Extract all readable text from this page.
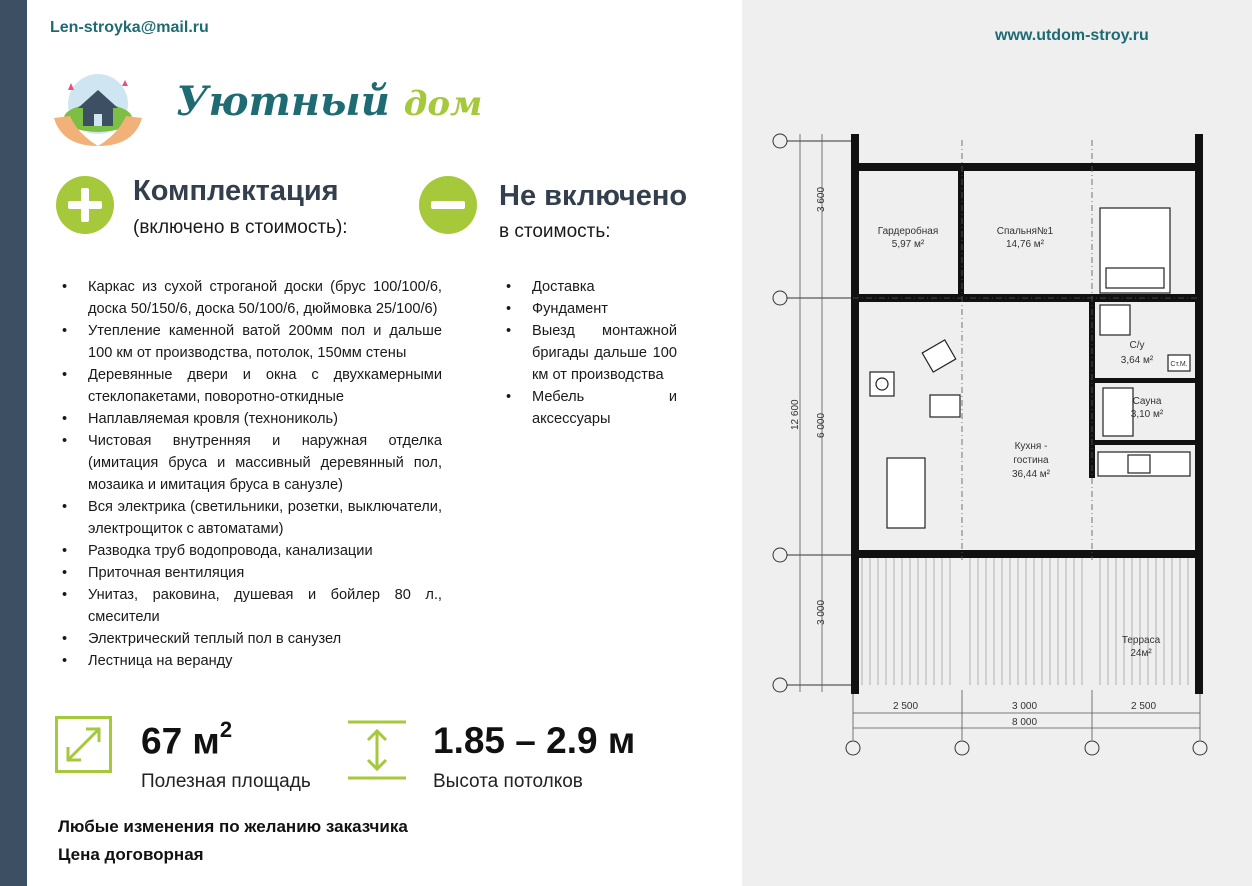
Len-stroyka@mail.ru	www.utdom-stroy.ru
Уютный дом
Комплектация
(включено в стоимость):
Не включено
в стоимость:
• Каркас из сухой строганой доски (брус 100/100/6, доска 50/150/6, доска 50/100/6, дюймовка 25/100/6)
• Утепление каменной ватой 200мм пол и дальше 100 км от производства, потолок, 150мм стены
• Деревянные двери и окна с двухкамерными стеклопакетами, поворотно-откидные
• Наплавляемая кровля (технониколь)
• Чистовая внутренняя и наружная отделка (имитация бруса и массивный деревянный пол, мозаика и имитация бруса в санузле)
• Вся электрика (светильники, розетки, выключатели, электрощиток с автоматами)
• Разводка труб водопровода, канализации
• Приточная вентиляция
• Унитаз, раковина, душевая и бойлер 80 л., смесители
• Электрический теплый пол в санузел
• Лестница на веранду
• Доставка
• Фундамент
• Выезд монтажной бригады дальше 100 км от производства
• Мебель и аксессуары
67 $м^2$
Полезная площадь
1.85 – 2.9 м
Высота потолков
Любые изменения по желанию заказчика
Цена договорная
3 600
6 000
12 600
3 000
2 500	3 000	2 500
8 000
Гардеробная
5,97 м²
Спальня№1
14,76 м²
С/у
3,64 м²
Сауна
3,10 м²
Кухня -
гостина
36,44 м²
Терраса
24м²
Ст.М.
